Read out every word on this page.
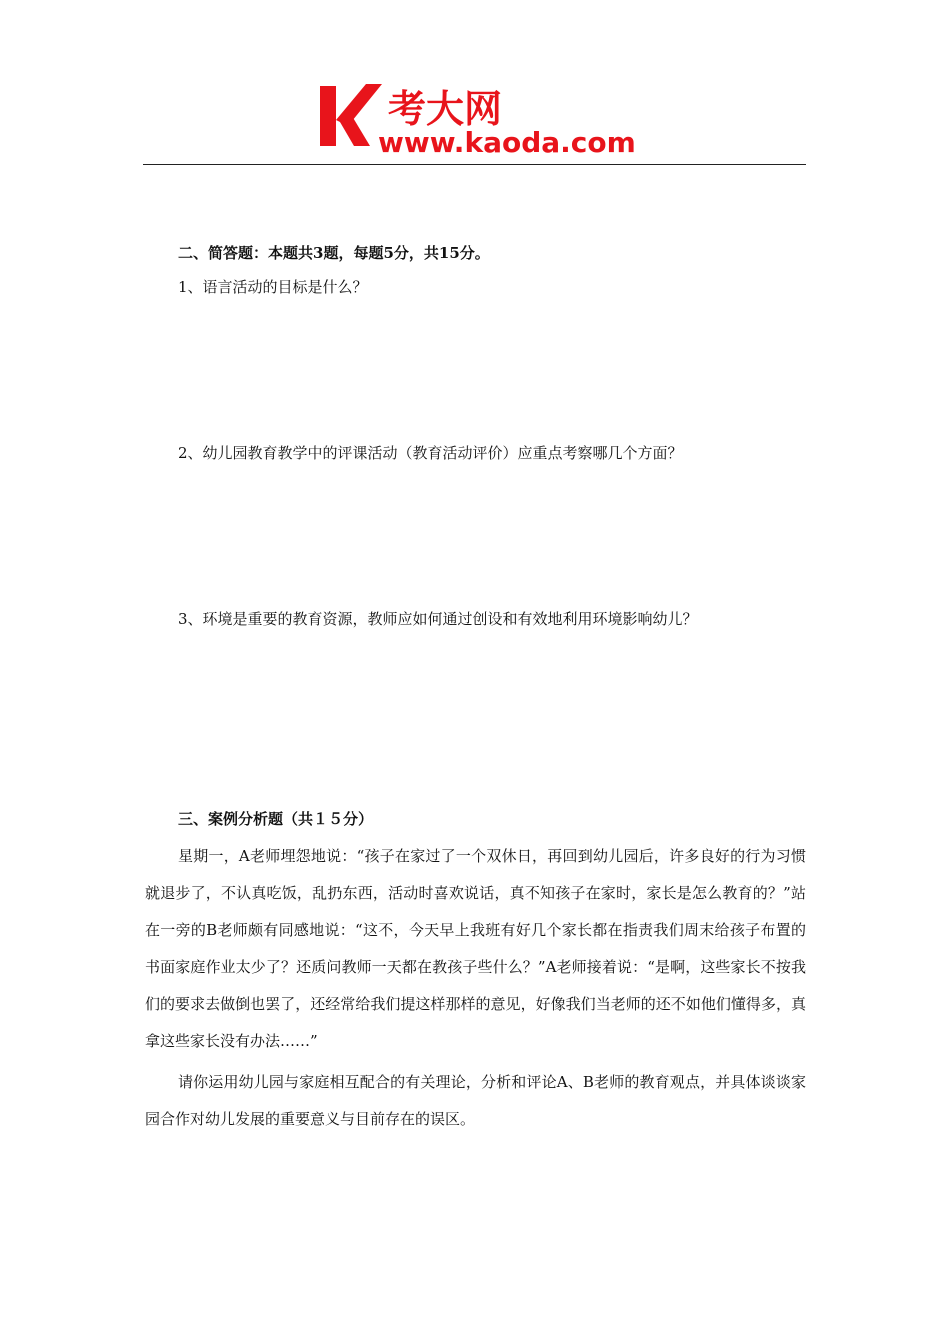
考大网
www.kaoda.com
二、简答题：本题共3题，每题5分，共15分。
1、语言活动的目标是什么？
2、幼儿园教育教学中的评课活动（教育活动评价）应重点考察哪几个方面？
3、环境是重要的教育资源，教师应如何通过创设和有效地利用环境影响幼儿？
三、案例分析题（共１５分）

星期一，A老师埋怨地说：“孩子在家过了一个双休日，再回到幼儿园后，许多良好的行为习惯就退步了，不认真吃饭，乱扔东西，活动时喜欢说话，真不知孩子在家时，家长是怎么教育的？”站在一旁的B老师颇有同感地说：“这不，今天早上我班有好几个家长都在指责我们周末给孩子布置的书面家庭作业太少了？还质问教师一天都在教孩子些什么？”A老师接着说：“是啊，这些家长不按我们的要求去做倒也罢了，还经常给我们提这样那样的意见，好像我们当老师的还不如他们懂得多，真拿这些家长没有办法……”

请你运用幼儿园与家庭相互配合的有关理论，分析和评论A、B老师的教育观点，并具体谈谈家园合作对幼儿发展的重要意义与目前存在的误区。
